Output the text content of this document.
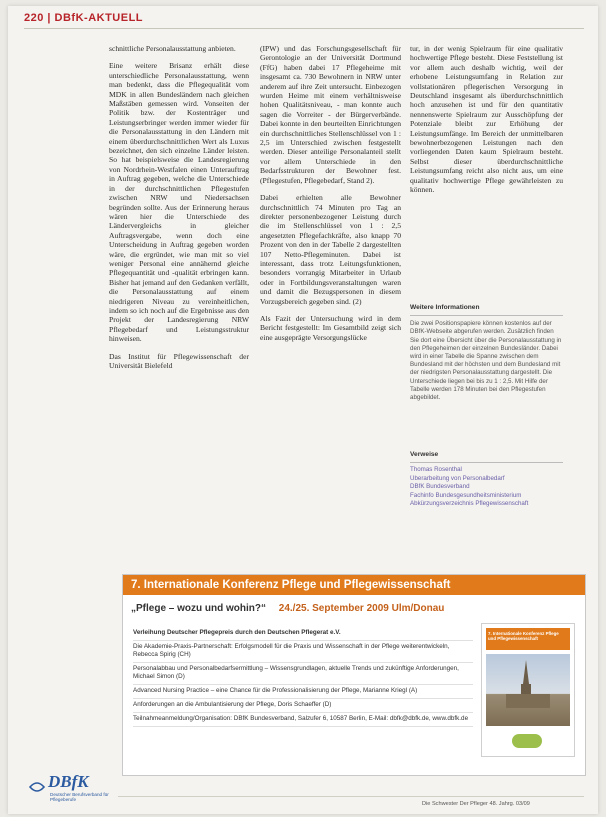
220 | DBfK-AKTUELL

schnittliche Personalausstattung anbieten.

Eine weitere Brisanz erhält diese unterschiedliche Personalausstattung, wenn man bedenkt, dass die Pflegequalität vom MDK in allen Bundesländern nach gleichen Maßstäben gemessen wird. Vonseiten der Politik bzw. der Kostenträger und Leistungserbringer werden immer wieder für die Personalausstattung in den Ländern mit einem überdurchschnittlichen Wert als Luxus bezeichnet, den sich einzelne Länder leisten. So hat beispielsweise die Landesregierung von Nordrhein-Westfalen einen Unterauftrag in Auftrag gegeben, welche die Unterschiede in der durchschnittlichen Pflegestufen zwischen NRW und Niedersachsen begründen sollte. Aus der Erinnerung heraus wären hier die Unterschiede des Ländervergleichs in gleicher Auftragsvergabe, wenn doch eine Unterscheidung in Auftrag gegeben worden wäre, die ergründet, wie man mit so viel weniger Personal eine annähernd gleiche Pflegequantität und -qualität erbringen kann. Bisher hat jemand auf den Gedanken verfällt, die Personalausstattung auf einem niedrigeren Niveau zu vereinheitlichen, indem so ich noch auf die Ergebnisse aus den Projekt der Landesregierung NRW Pflegebedarf und Leistungsstruktur hinweisen.

Das Institut für Pflegewissenschaft der Universität Bielefeld

(IPW) und das Forschungsgesellschaft für Gerontologie an der Universität Dortmund (FfG) haben dabei 17 Pflegeheime mit insgesamt ca. 730 Bewohnern in NRW unter anderem auf ihre Zeit untersucht. Einbezogen wurden Heime mit einem verhältnisweise hohen Qualitätsniveau, - man konnte auch sagen die Vorreiter - der Bürgerverbände. Dabei konnte in den beurteilten Einrichtungen ein durchschnittliches Stellenschlüssel von 1 : 2,5 im Unterschied zwischen festgestellt werden. Dieser anteilige Personalanteil stellt vor allem Unterschiede in den Bedarfsstrukturen der Bewohner fest. (Pflegestufen, Pflegebedarf, Stand 2).

Dabei erhielten alle Bewohner durchschnittlich 74 Minuten pro Tag an direkter personenbezogener Leistung durch die im Stellenschlüssel von 1 : 2,5 angesetzten Pflegefachkräfte, also knapp 70 Prozent von den in der Tabelle 2 dargestellten 107 Netto-Pflegeminuten. Dabei ist interessant, dass trotz Leitungsfunktionen, besonders vorrangig Mitarbeiter in Urlaub oder in Fortbildungsveranstaltungen waren und damit die Bezugspersonen in diesem Vorzugsbereich gegeben sind. (2)

Als Fazit der Untersuchung wird in dem Bericht festgestellt: Im Gesamtbild zeigt sich eine ausgeprägte Versorgungslücke

tur, in der wenig Spielraum für eine qualitativ hochwertige Pflege besteht. Diese Feststellung ist vor allem auch deshalb wichtig, weil der erhobene Leistungsumfang in Relation zur vollstationären pflegerischen Versorgung in Deutschland insgesamt als überdurchschnittlich hoch anzusehen ist und für den quantitativ nennenswerte Spielraum zur Ausschöpfung der Potenziale bleibt zur Erhöhung der Leistungsumfänge. Im Bereich der unmittelbaren bewohnerbezogenen Leistungen nach den vorliegenden Daten kaum Spielraum besteht. Selbst dieser überdurchschnittliche Leistungsumfang reicht also nicht aus, um eine qualitativ hochwertige Pflege gewährleisten zu können.

Weitere Informationen
Die zwei Positionspapiere können kostenlos auf der DBfK-Webseite abgerufen werden. Zusätzlich finden Sie dort eine Übersicht über die Personalausstattung in den Pflegeheimen der einzelnen Bundesländer. Dabei wird in einer Tabelle die Spanne zwischen dem Bundesland mit der höchsten und dem Bundesland mit der niedrigsten Personalausstattung dargestellt. Die Unterschiede liegen bei bis zu 1 : 2,5. Mit Hilfe der Tabelle werden 178 Minuten bei den Pflegestufen abgebildet.
Verweise
Thomas Rosenthal
Überarbeitung von Personalbedarf
DBfK Bundesverband
Fachinfo Bundesgesundheitsministerium
Abkürzungsverzeichnis Pflegewissenschaft
7. Internationale Konferenz Pflege und Pflegewissenschaft
„Pflege – wozu und wohin?“ 24./25. September 2009 Ulm/Donau
Verleihung Deutscher Pflegepreis durch den Deutschen Pflegerat e.V.
Die Akademie-Praxis-Partnerschaft: Erfolgsmodell für die Praxis und Wissenschaft in der Pflege weiterentwickeln, Rebecca Spirig (CH)
Personalabbau und Personalbedarfsermittlung – Wissensgrundlagen, aktuelle Trends und zukünftige Anforderungen, Michael Simon (D)
Advanced Nursing Practice – eine Chance für die Professionalisierung der Pflege, Marianne Kriegl (A)
Anforderungen an die Ambulantisierung der Pflege, Doris Schaeffer (D)
Teilnahmeanmeldung/Organisation: DBfK Bundesverband, Salzufer 6, 10587 Berlin, E-Mail: dbfk@dbfk.de, www.dbfk.de
7. Internationale Konferenz Pflege und Pflegewissenschaft
DBfK
Deutscher Berufsverband für Pflegeberufe
Die Schwester Der Pfleger 48. Jahrg. 03/09
